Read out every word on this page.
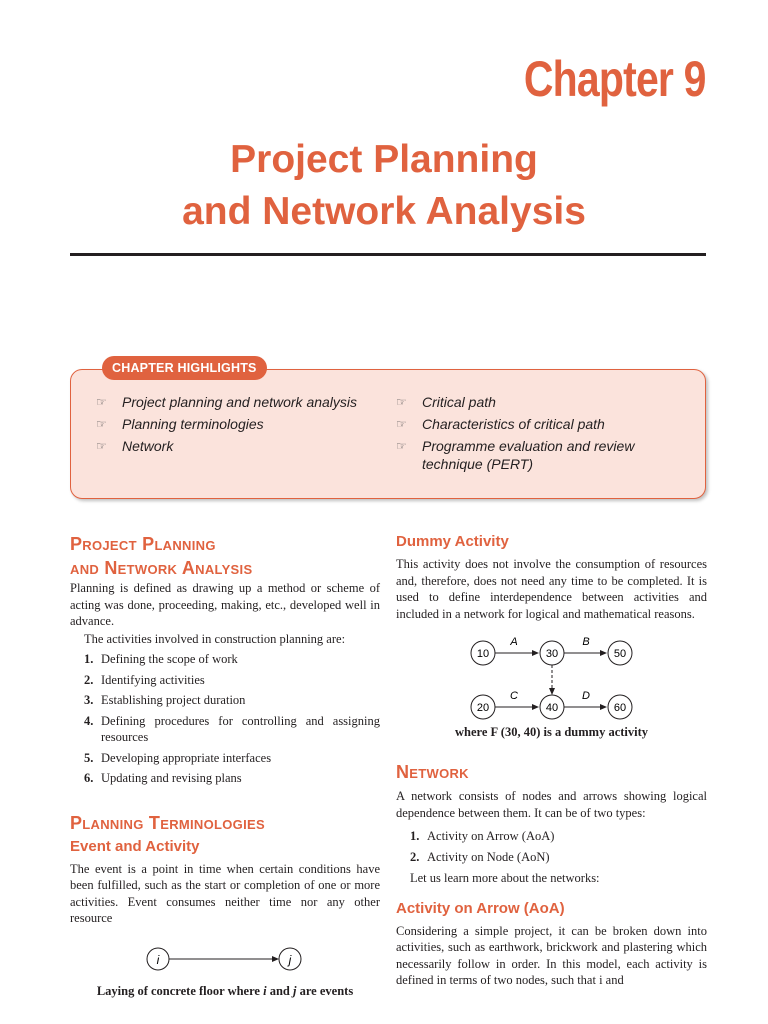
Chapter 9
Project Planning
and Network Analysis
CHAPTER HIGHLIGHTS
☞ Project planning and network analysis
☞ Planning terminologies
☞ Network
☞ Critical path
☞ Characteristics of critical path
☞ Programme evaluation and review technique (PERT)
Project Planning
and Network Analysis

Planning is defined as drawing up a method or scheme of acting was done, proceeding, making, etc., developed well in advance.

The activities involved in construction planning are:

1. Defining the scope of work
2. Identifying activities
3. Establishing project duration
4. Defining procedures for controlling and assigning resources
5. Developing appropriate interfaces
6. Updating and revising plans
Planning Terminologies
Event and Activity

The event is a point in time when certain conditions have been fulfilled, such as the start or completion of one or more activities. Event consumes neither time nor any other resource

i	j
Laying of concrete floor where i and j are events
Dummy Activity

This activity does not involve the consumption of resources and, therefore, does not need any time to be completed. It is used to define interdependence between activities and included in a network for logical and mathematical reasons.

10
A
30
B
50
20
C
40
D
60
where F (30, 40) is a dummy activity
Network

A network consists of nodes and arrows showing logical dependence between them. It can be of two types:

1. Activity on Arrow (AoA)
2. Activity on Node (AoN)

Let us learn more about the networks:

Activity on Arrow (AoA)

Considering a simple project, it can be broken down into activities, such as earthwork, brickwork and plastering which necessarily follow in order. In this model, each activity is defined in terms of two nodes, such that i and
